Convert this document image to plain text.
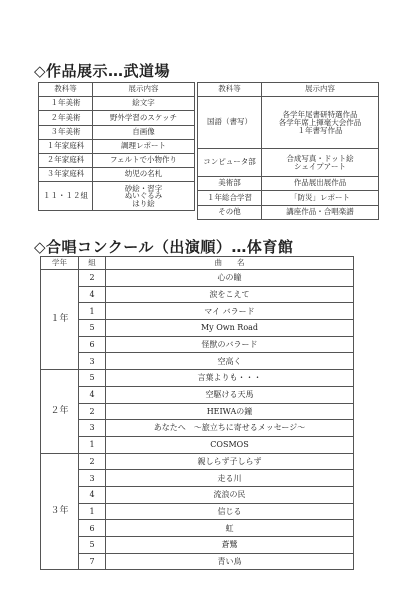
◇作品展示…武道場
教科等	展示内容
１年美術	絵文字
２年美術	野外学習のスケッチ
３年美術	自画像
１年家庭科	調理レポート
２年家庭科	フェルトで小物作り
３年家庭科	幼児の名札
１１・１２組	砂絵・習字
ぬいぐるみ
はり絵
教科等	展示内容
国語（書写）	各学年尾書研特選作品
各学年席上揮毫大会作品
１年書写作品
コンピュータ部	合成写真・ドット絵
シェイプアート
美術部	作品展出展作品
１年総合学習	「防災」レポート
その他	講座作品・合唱楽譜
◇合唱コンクール（出演順）…体育館
学年	組	曲　　名
１年	2	心の瞳
	4	涙をこえて
	1	マイ バラード
	5	My Own Road
	6	怪獣のバラード
	3	空高く
２年	5	言葉よりも・・・
	4	空駆ける天馬
	2	HEIWAの鐘
	3	あなたへ　～旅立ちに寄せるメッセージ～
	1	COSMOS
３年	2	親しらず子しらず
	3	走る川
	4	流浪の民
	1	信じる
	6	虹
	5	蒼鷺
	7	青い鳥
